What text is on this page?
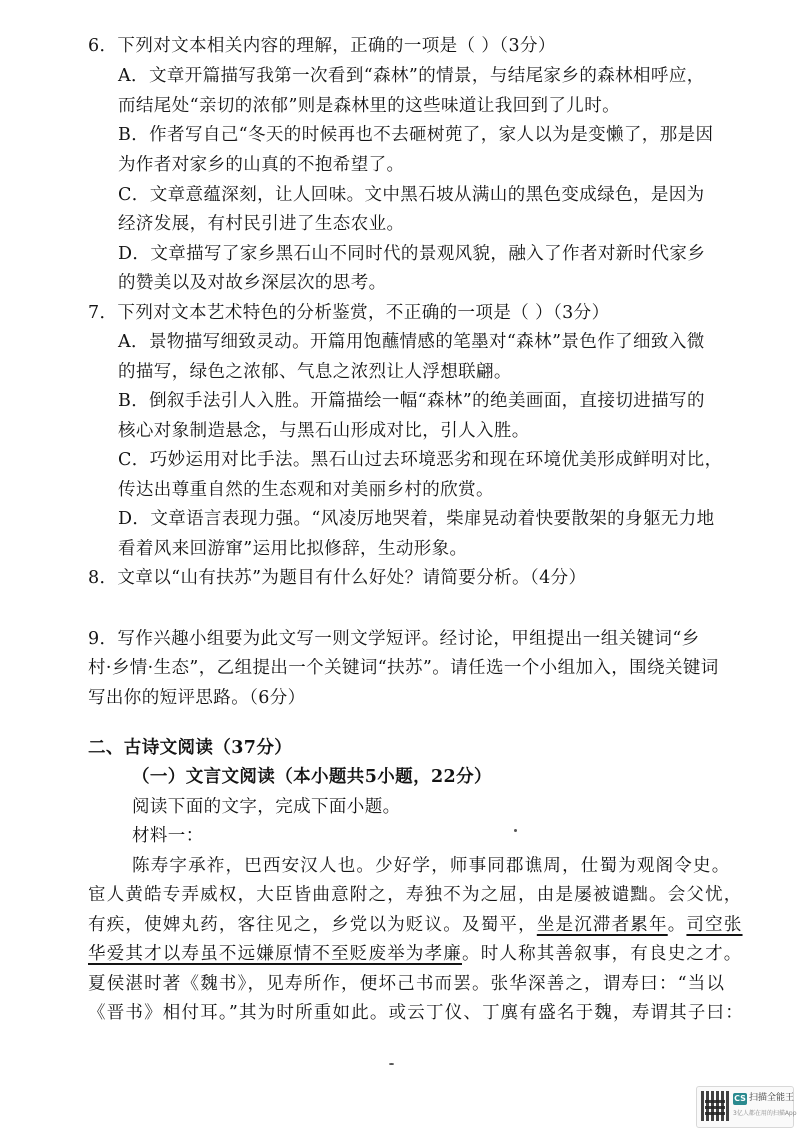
6．下列对文本相关内容的理解，正确的一项是（ ）（3分）
A．文章开篇描写我第一次看到“森林”的情景，与结尾家乡的森林相呼应，
而结尾处“亲切的浓郁”则是森林里的这些味道让我回到了儿时。
B．作者写自己“冬天的时候再也不去砸树蔸了，家人以为是变懒了，那是因
为作者对家乡的山真的不抱希望了。
C．文章意蕴深刻，让人回味。文中黑石坡从满山的黑色变成绿色，是因为
经济发展，有村民引进了生态农业。
D．文章描写了家乡黑石山不同时代的景观风貌，融入了作者对新时代家乡
的赞美以及对故乡深层次的思考。
7．下列对文本艺术特色的分析鉴赏，不正确的一项是（ ）（3分）
A．景物描写细致灵动。开篇用饱蘸情感的笔墨对“森林”景色作了细致入微
的描写，绿色之浓郁、气息之浓烈让人浮想联翩。
B．倒叙手法引人入胜。开篇描绘一幅“森林”的绝美画面，直接切进描写的
核心对象制造悬念，与黑石山形成对比，引人入胜。
C．巧妙运用对比手法。黑石山过去环境恶劣和现在环境优美形成鲜明对比，
传达出尊重自然的生态观和对美丽乡村的欣赏。
D．文章语言表现力强。“风凌厉地哭着，柴扉晃动着快要散架的身躯无力地
看着风来回游窜”运用比拟修辞，生动形象。
8．文章以“山有扶苏”为题目有什么好处？请简要分析。（4分）
9．写作兴趣小组要为此文写一则文学短评。经讨论，甲组提出一组关键词“乡
村·乡情·生态”，乙组提出一个关键词“扶苏”。请任选一个小组加入，围绕关键词
写出你的短评思路。（6分）
二、古诗文阅读（37分）
（一）文言文阅读（本小题共5小题，22分）
阅读下面的文字，完成下面小题。
材料一：
陈寿字承祚，巴西安汉人也。少好学，师事同郡谯周，仕蜀为观阁令史。
宦人黄皓专弄威权，大臣皆曲意附之，寿独不为之屈，由是屡被谴黜。会父忧，
有疾，使婢丸药，客往见之，乡党以为贬议。及蜀平，坐是沉滞者累年。司空张
华爱其才以寿虽不远嫌原情不至贬废举为孝廉。时人称其善叙事，有良史之才。
夏侯湛时著《魏书》，见寿所作，便坏己书而罢。张华深善之，谓寿曰：“当以
《晋书》相付耳。”其为时所重如此。或云丁仪、丁廙有盛名于魏，寿谓其子曰：
CS 扫描全能王
3亿人都在用的扫描App
